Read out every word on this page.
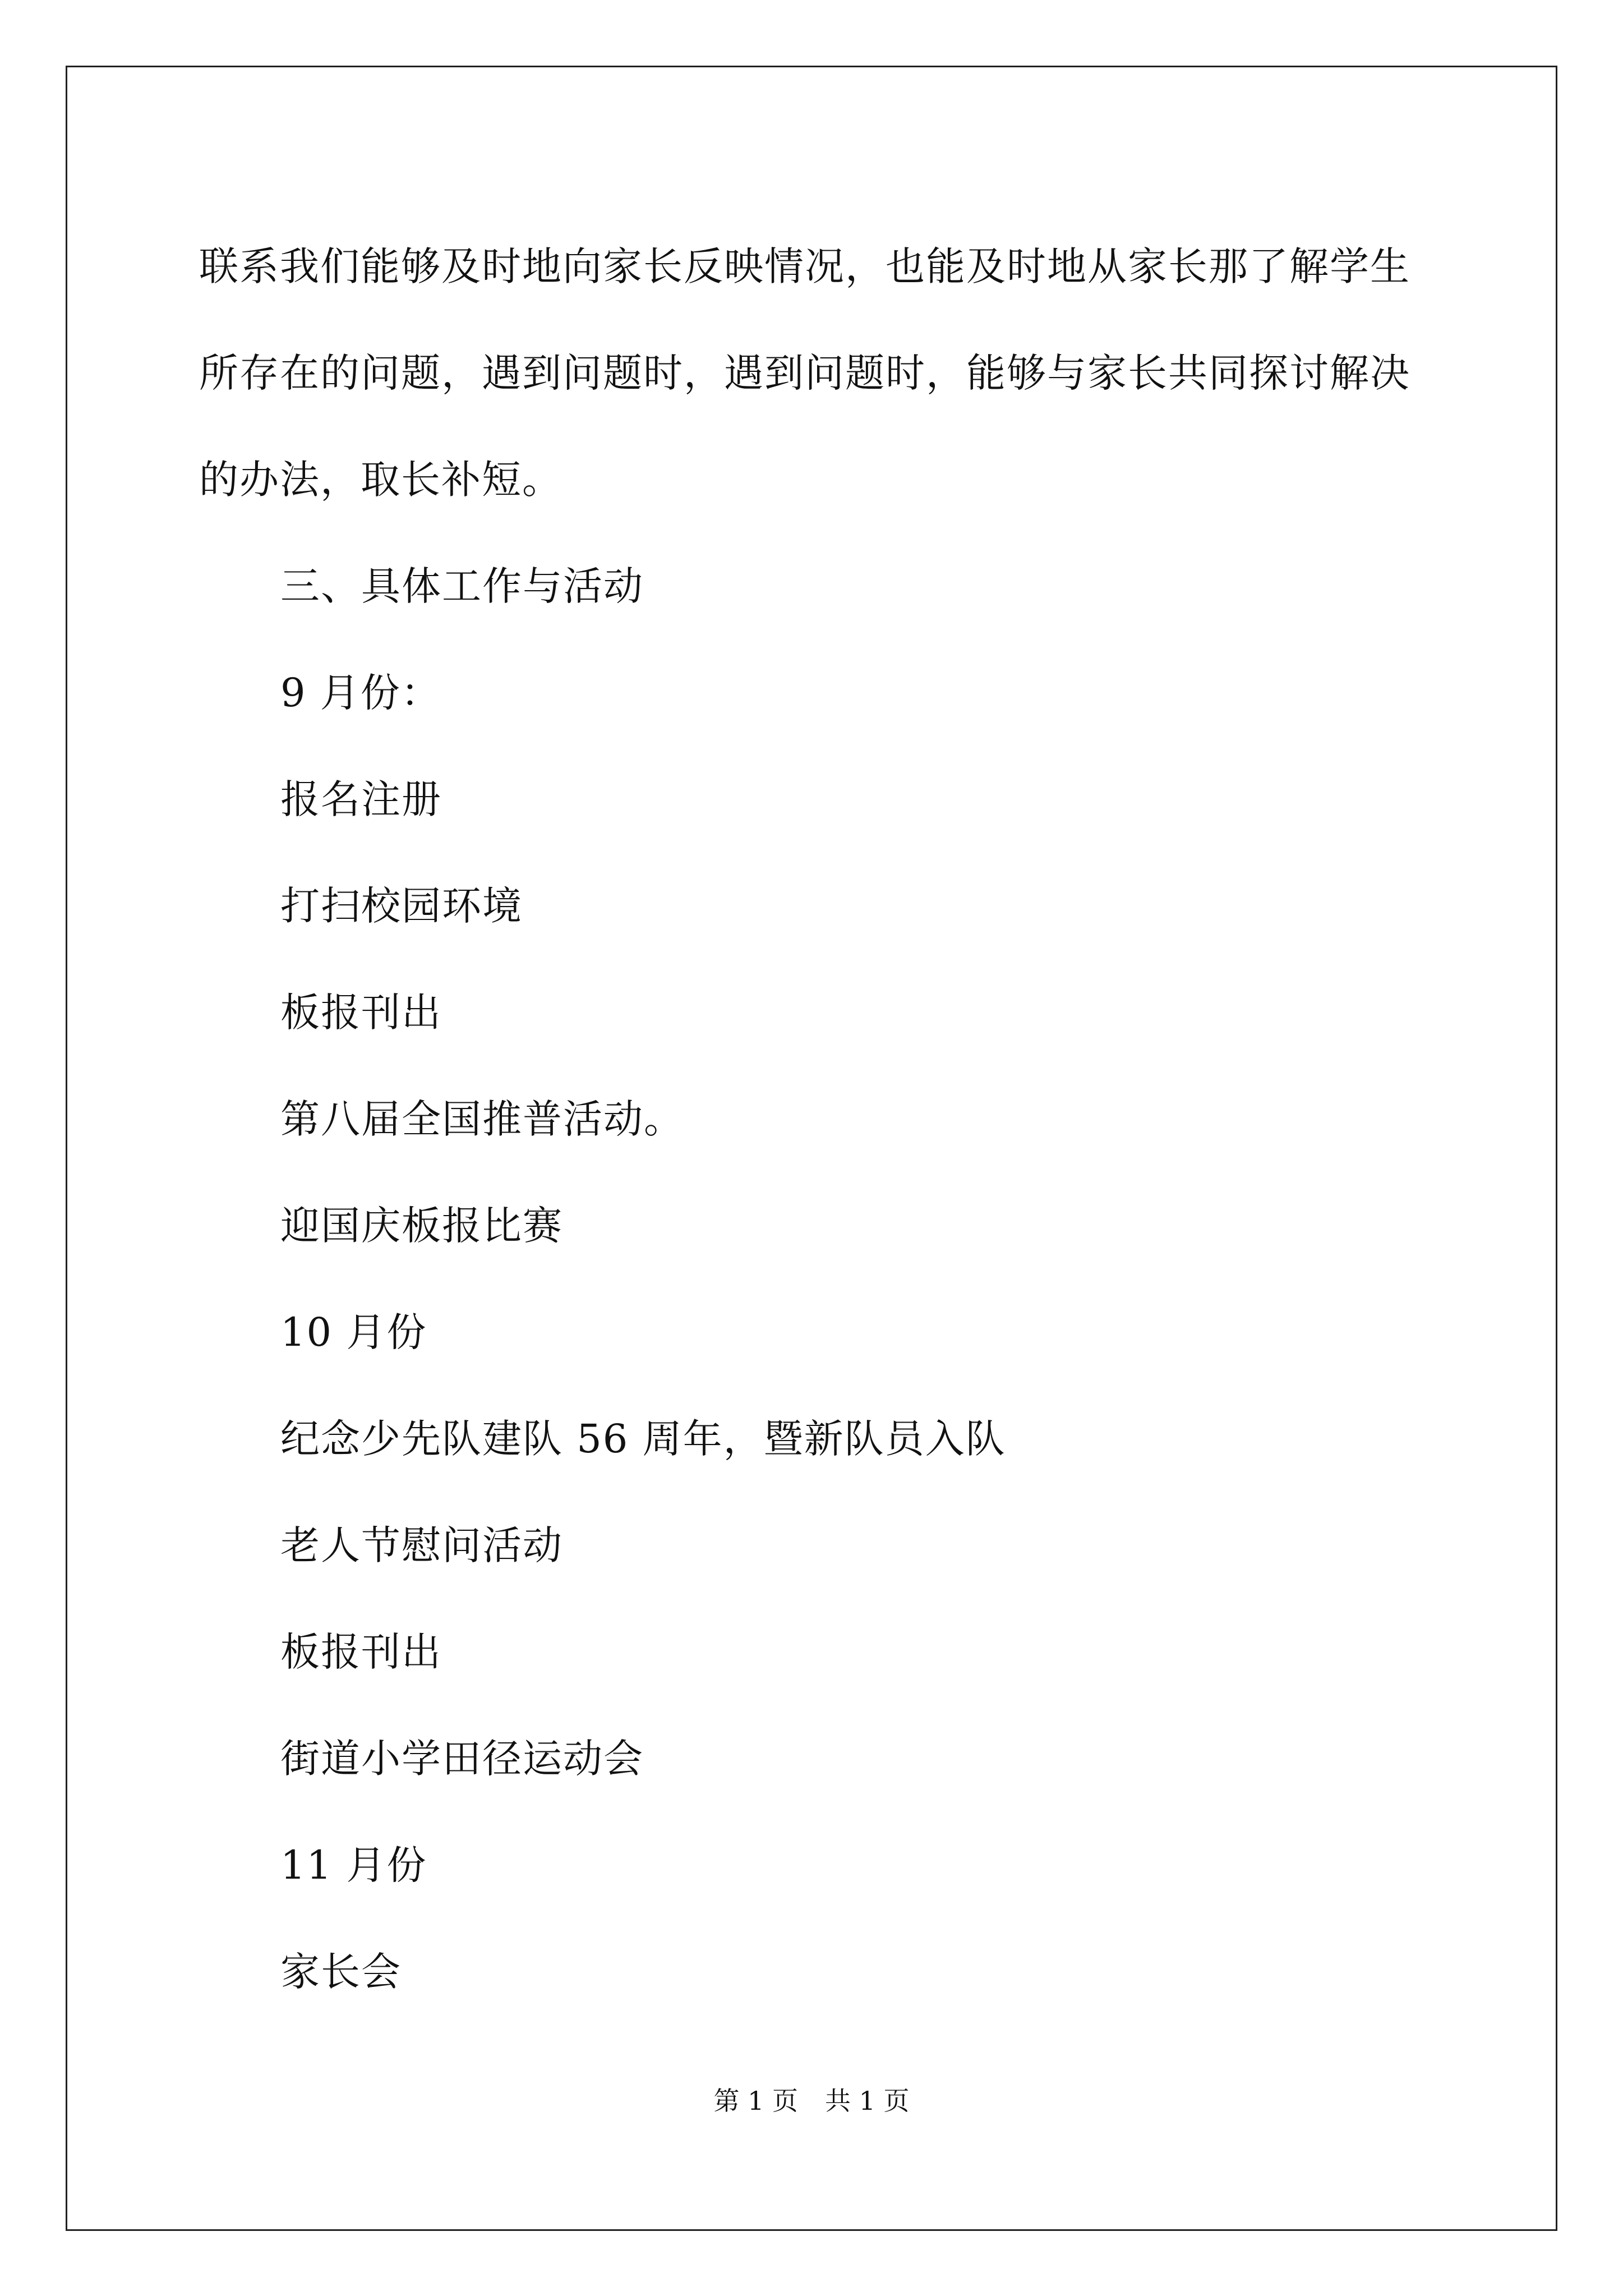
联系我们能够及时地向家长反映情况，也能及时地从家长那了解学生
所存在的问题，遇到问题时，遇到问题时，能够与家长共同探讨解决
的办法，取长补短。
三、具体工作与活动
9 月份：
报名注册
打扫校园环境
板报刊出
第八届全国推普活动。
迎国庆板报比赛
10 月份
纪念少先队建队 56 周年，暨新队员入队
老人节慰问活动
板报刊出
街道小学田径运动会
11 月份
家长会
第 1 页 共 1 页
